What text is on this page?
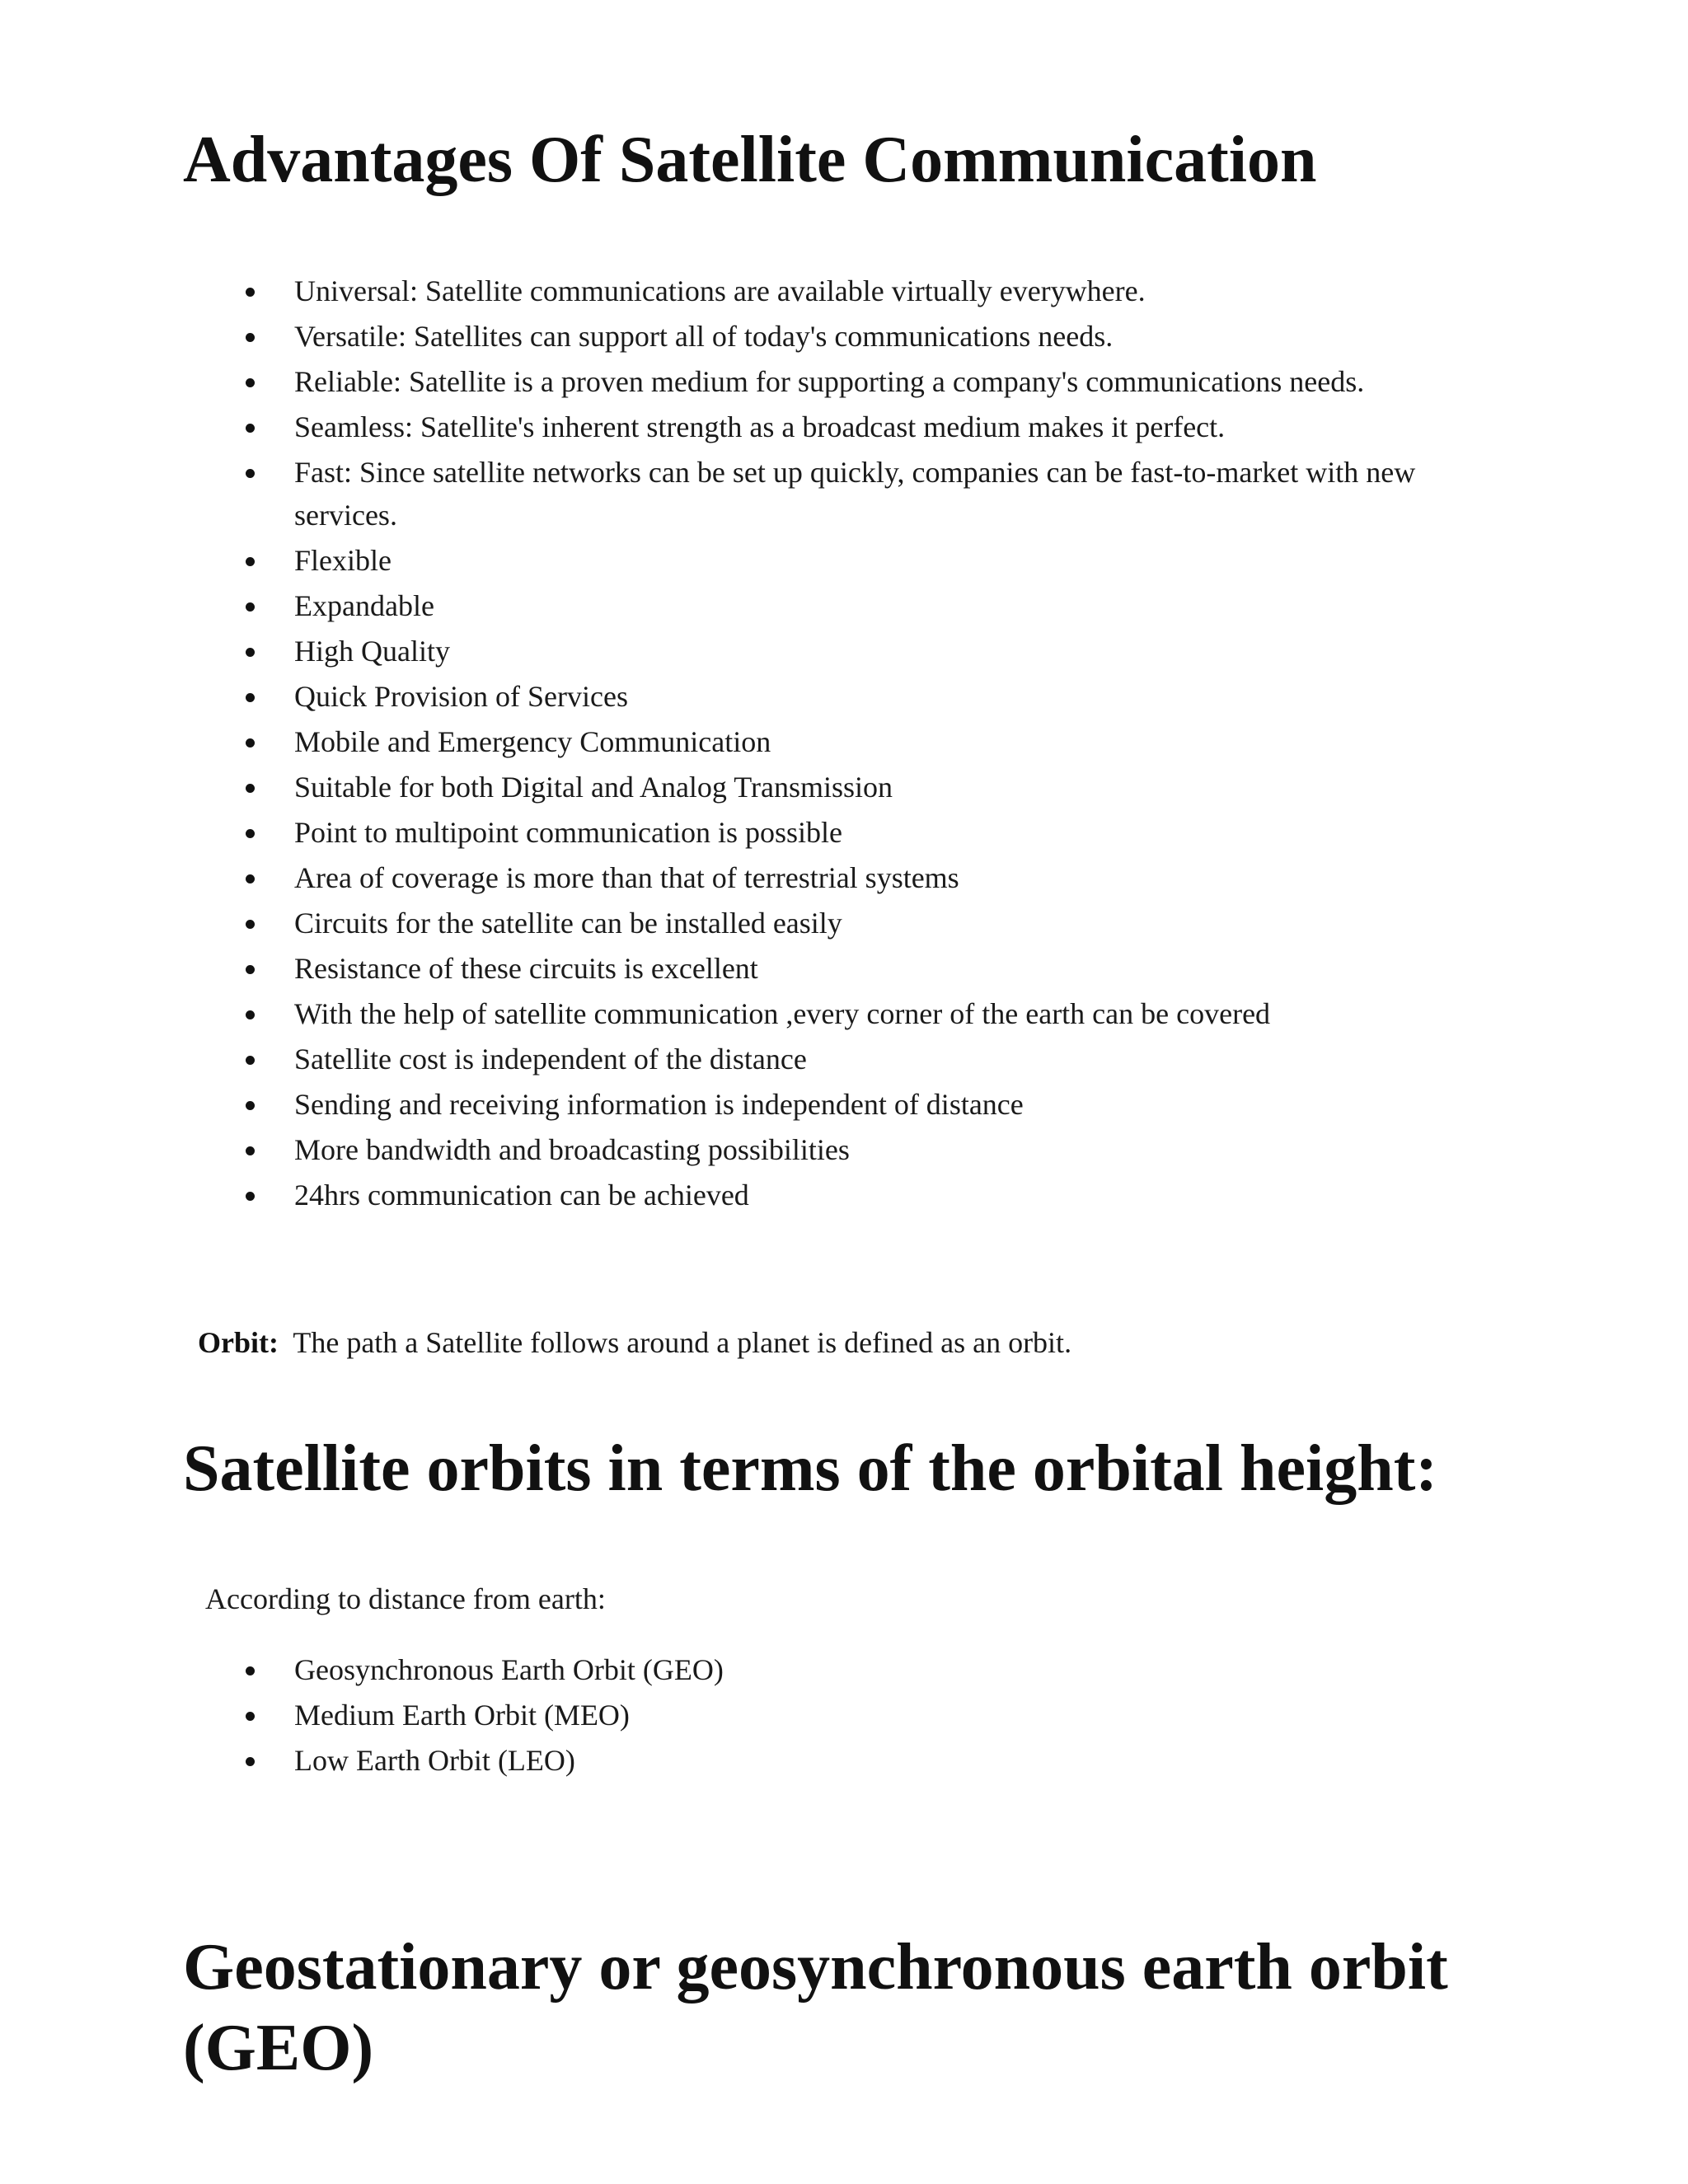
Advantages Of Satellite Communication
Universal: Satellite communications are available virtually everywhere.
Versatile: Satellites can support all of today's communications needs.
Reliable: Satellite is a proven medium for supporting a company's communications needs.
Seamless: Satellite's inherent strength as a broadcast medium makes it perfect.
Fast: Since satellite networks can be set up quickly, companies can be fast-to-market with new services.
Flexible
Expandable
High Quality
Quick Provision of Services
Mobile and Emergency Communication
Suitable for both Digital and Analog Transmission
Point to multipoint communication is possible
Area of coverage is more than that of terrestrial systems
Circuits for the satellite can be installed easily
Resistance of these circuits is excellent
With the help of satellite communication ,every corner of the earth can be covered
Satellite cost is independent of the distance
Sending and receiving information is independent of distance
More bandwidth and broadcasting possibilities
24hrs communication can be achieved

Orbit: The path a Satellite follows around a planet is defined as an orbit.

Satellite orbits in terms of the orbital height:

According to distance from earth:

Geosynchronous Earth Orbit (GEO)
Medium Earth Orbit (MEO)
Low Earth Orbit (LEO)
Geostationary or geosynchronous earth orbit (GEO)
